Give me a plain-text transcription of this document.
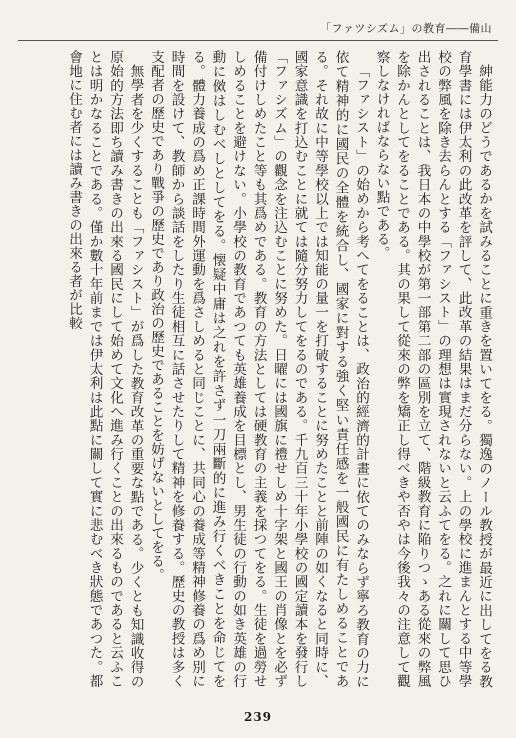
「ファツシズム」の教育――備山

紳能力のどうであるかを試みることに重きを置いてをる。獨逸のノール教授が最近に出してをる教育學書には伊太利の此改革を評して、此改革の結果はまだ分らない。上の學校に進まんとする中等學校の弊風を除き去らんとする「ファシスト」の理想は實現されないと云ふてをる。之れに關して思ひ出されることは、我日本の中學校が第一部第二部の區別を立て、階級教育に陥りつゝある從來の弊風を除かんとしてをることである。其の果して從來の弊を矯正し得べきや否やは今後我々の注意して觀察しなければならない點である。

「ファシスト」の始めから考へてをることは、政治的經濟的計畫に依てのみならず寧ろ教育の力に依て精神的に國民の全體を統合し、國家に對する強く堅い責任感を一般國民に有たしめることである。それ故に中等學校以上では知能の量一を打破することに努めたことと前陣の如くなると同時に、國家意識を打込むことに就ては隨分努力してをるのである。千九百三十年小學校の國定讀本を發行し「ファシズム」の觀念を注込むことに努めた。日曜には國旗に禮せしめ十字架と國王の肖像とを必ず備付けしめたこと等も其爲めである。教育の方法としては硬教育の主義を採つてをる。生徒を過勞せしめることを避けない。小學校の教育であつても英雄養成を目標とし、男生徒の行動の如き英雄の行動に傚はしむべしとしてをる。懐疑中庸は之れを許さず一刀兩斷的に進み行くべきことを命じてをる。體力養成の爲め正課時間外運動を爲さしめると同じことに、共同心の養成等精神修養の爲め別に時間を設けて、教師から談話をしたり生徒相互に話させたりして精神を修養する。歷史の教授は多く支配者の歷史であり戰爭の歷史であり政治の歷史であることを妨げないとしてをる。

無學者を少くすることも「ファシスト」が爲した教育改革の重要な點である。少くとも知識收得の原始的方法即ち讀み書きの出來る國民にして始めて文化へ進み行くことの出來るものであると云ふことは明かなることである。僅か數十年前までは伊太利は此點に關して實に悲むべき狀態であつた。都會地に住む者には讀み書きの出來る者が比較

239
